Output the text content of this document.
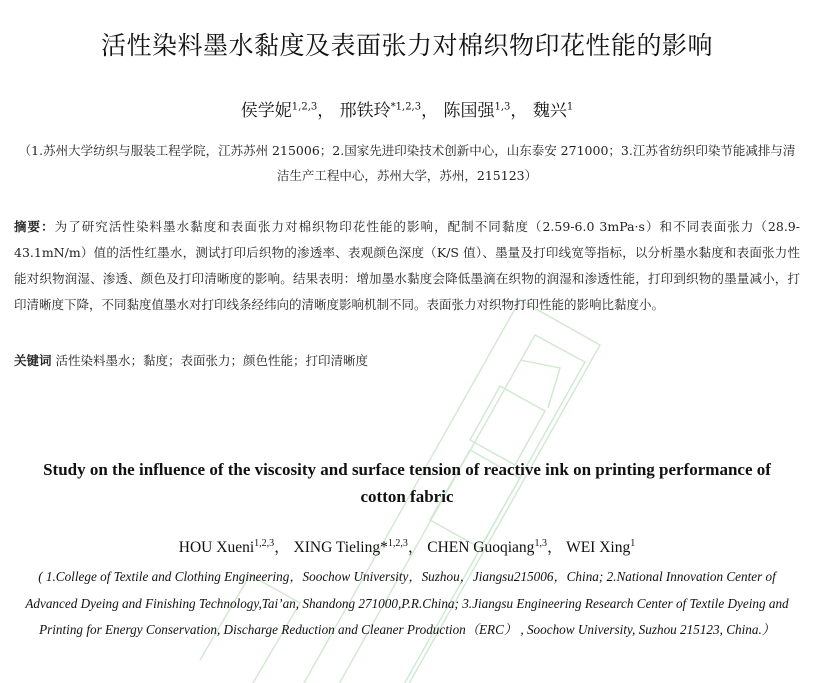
活性染料墨水黏度及表面张力对棉织物印花性能的影响
侯学妮$^{1,2,3}$， 邢铁玲$^{*1,2,3}$， 陈国强$^{1,3}$， 魏兴$^1$
（1.苏州大学纺织与服装工程学院，江苏苏州 215006；2.国家先进印染技术创新中心，山东泰安 271000；3.江苏省纺织印染节能减排与清洁生产工程中心，苏州大学，苏州，215123）
摘要：为了研究活性染料墨水黏度和表面张力对棉织物印花性能的影响，配制不同黏度（2.59-6.0 3mPa·s）和不同表面张力（28.9-43.1mN/m）值的活性红墨水，测试打印后织物的渗透率、表观颜色深度（K/S 值）、墨量及打印线宽等指标，以分析墨水黏度和表面张力性能对织物润湿、渗透、颜色及打印清晰度的影响。结果表明：增加墨水黏度会降低墨滴在织物的润湿和渗透性能，打印到织物的墨量减小，打印清晰度下降，不同黏度值墨水对打印线条经纬向的清晰度影响机制不同。表面张力对织物打印性能的影响比黏度小。
关键词 活性染料墨水；黏度；表面张力；颜色性能；打印清晰度
Study on the influence of the viscosity and surface tension of reactive ink on printing performance of cotton fabric
HOU Xueni$^{1,2,3}$， XING Tieling*$^{1,2,3}$， CHEN Guoqiang$^{1,3}$， WEI Xing$^1$
( 1.College of Textile and Clothing Engineering，Soochow University，Suzhou，Jiangsu215006，China; 2.National Innovation Center of Advanced Dyeing and Finishing Technology,Tai’an, Shandong 271000,P.R.China; 3.Jiangsu Engineering Research Center of Textile Dyeing and Printing for Energy Conservation, Discharge Reduction and Cleaner Production（ERC） , Soochow University, Suzhou 215123, China.）
